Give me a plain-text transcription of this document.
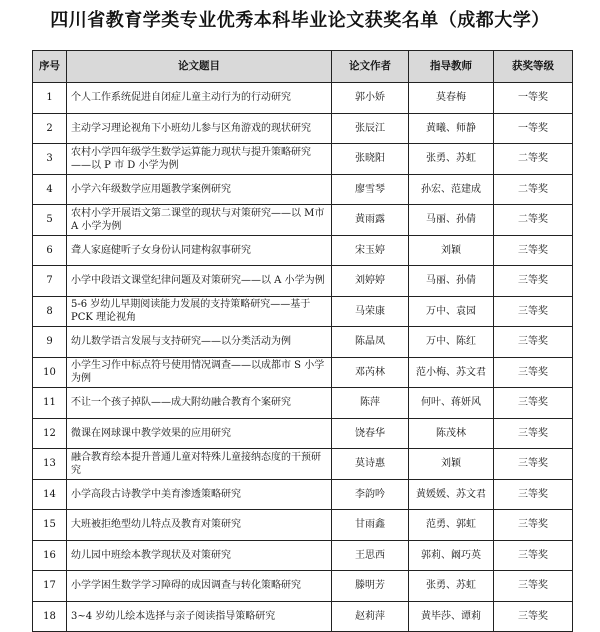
四川省教育学类专业优秀本科毕业论文获奖名单（成都大学）
序号	论文题目	论文作者	指导教师	获奖等级
1	个人工作系统促进自闭症儿童主动行为的行动研究	郭小娇	莫春梅	一等奖
2	主动学习理论视角下小班幼儿参与区角游戏的现状研究	张辰江	黄曦、师静	一等奖
3	农村小学四年级学生数学运算能力现状与提升策略研究——以 P 市 D 小学为例	张晓阳	张勇、苏虹	二等奖
4	小学六年级数学应用题教学案例研究	廖雪琴	孙宏、范建成	二等奖
5	农村小学开展语文第二课堂的现状与对策研究——以 M市 A 小学为例	黄雨露	马丽、孙倩	二等奖
6	聋人家庭健听子女身份认同建构叙事研究	宋玉婷	刘颖	三等奖
7	小学中段语文课堂纪律问题及对策研究——以 A 小学为例	刘婷婷	马丽、孙倩	三等奖
8	5-6 岁幼儿早期阅读能力发展的支持策略研究——基于 PCK 理论视角	马荣康	万中、袁园	三等奖
9	幼儿数学语言发展与支持研究——以分类活动为例	陈晶凤	万中、陈红	三等奖
10	小学生习作中标点符号使用情况调查——以成都市 S 小学为例	邓芮林	范小梅、苏文君	三等奖
11	不让一个孩子掉队——成大附幼融合教育个案研究	陈萍	何叶、蒋妍风	三等奖
12	微课在网球课中教学效果的应用研究	饶春华	陈茂林	三等奖
13	融合教育绘本提升普通儿童对特殊儿童接纳态度的干预研究	莫诗惠	刘颖	三等奖
14	小学高段古诗教学中美育渗透策略研究	李韵吟	黄媛媛、苏文君	三等奖
15	大班被拒绝型幼儿特点及教育对策研究	甘雨鑫	范勇、郭虹	三等奖
16	幼儿园中班绘本教学现状及对策研究	王思西	郭莉、阚巧英	三等奖
17	小学学困生数学学习障碍的成因调查与转化策略研究	滕明芳	张勇、苏虹	三等奖
18	3~4 岁幼儿绘本选择与亲子阅读指导策略研究	赵莉萍	黄毕莎、谭莉	三等奖
